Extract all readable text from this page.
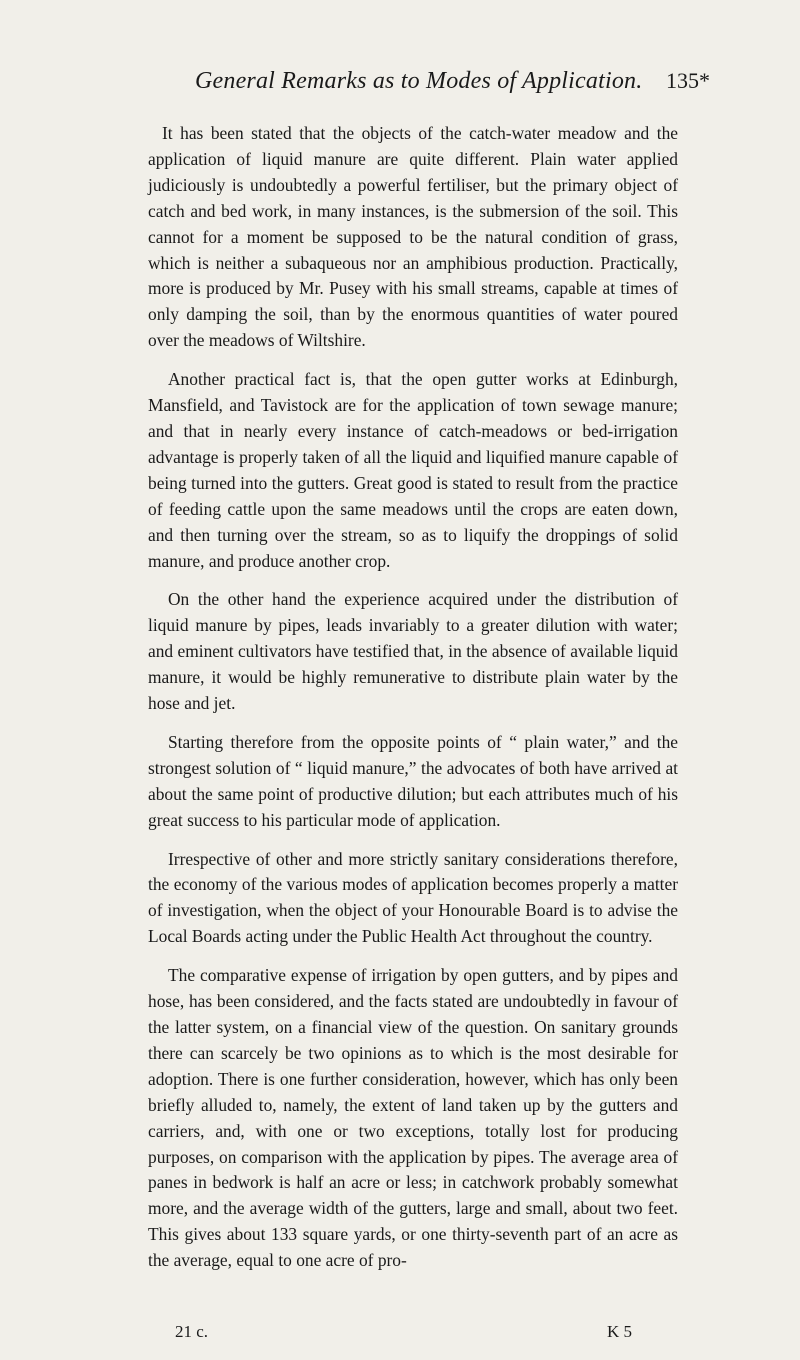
General Remarks as to Modes of Application. 135*

It has been stated that the objects of the catch-water meadow and the application of liquid manure are quite different. Plain water applied judiciously is undoubtedly a powerful fertiliser, but the primary object of catch and bed work, in many instances, is the submersion of the soil. This cannot for a moment be supposed to be the natural condition of grass, which is neither a subaqueous nor an amphibious production. Practically, more is produced by Mr. Pusey with his small streams, capable at times of only damping the soil, than by the enormous quantities of water poured over the meadows of Wiltshire.

Another practical fact is, that the open gutter works at Edinburgh, Mansfield, and Tavistock are for the application of town sewage manure; and that in nearly every instance of catch-meadows or bed-irrigation advantage is properly taken of all the liquid and liquified manure capable of being turned into the gutters. Great good is stated to result from the practice of feeding cattle upon the same meadows until the crops are eaten down, and then turning over the stream, so as to liquify the droppings of solid manure, and produce another crop.

On the other hand the experience acquired under the distribution of liquid manure by pipes, leads invariably to a greater dilution with water; and eminent cultivators have testified that, in the absence of available liquid manure, it would be highly remunerative to distribute plain water by the hose and jet.

Starting therefore from the opposite points of “ plain water,” and the strongest solution of “ liquid manure,” the advocates of both have arrived at about the same point of productive dilution; but each attributes much of his great success to his particular mode of application.

Irrespective of other and more strictly sanitary considerations therefore, the economy of the various modes of application becomes properly a matter of investigation, when the object of your Honourable Board is to advise the Local Boards acting under the Public Health Act throughout the country.

The comparative expense of irrigation by open gutters, and by pipes and hose, has been considered, and the facts stated are undoubtedly in favour of the latter system, on a financial view of the question. On sanitary grounds there can scarcely be two opinions as to which is the most desirable for adoption. There is one further consideration, however, which has only been briefly alluded to, namely, the extent of land taken up by the gutters and carriers, and, with one or two exceptions, totally lost for producing purposes, on comparison with the application by pipes. The average area of panes in bedwork is half an acre or less; in catchwork probably somewhat more, and the average width of the gutters, large and small, about two feet. This gives about 133 square yards, or one thirty-seventh part of an acre as the average, equal to one acre of pro-

21 c.	K 5
